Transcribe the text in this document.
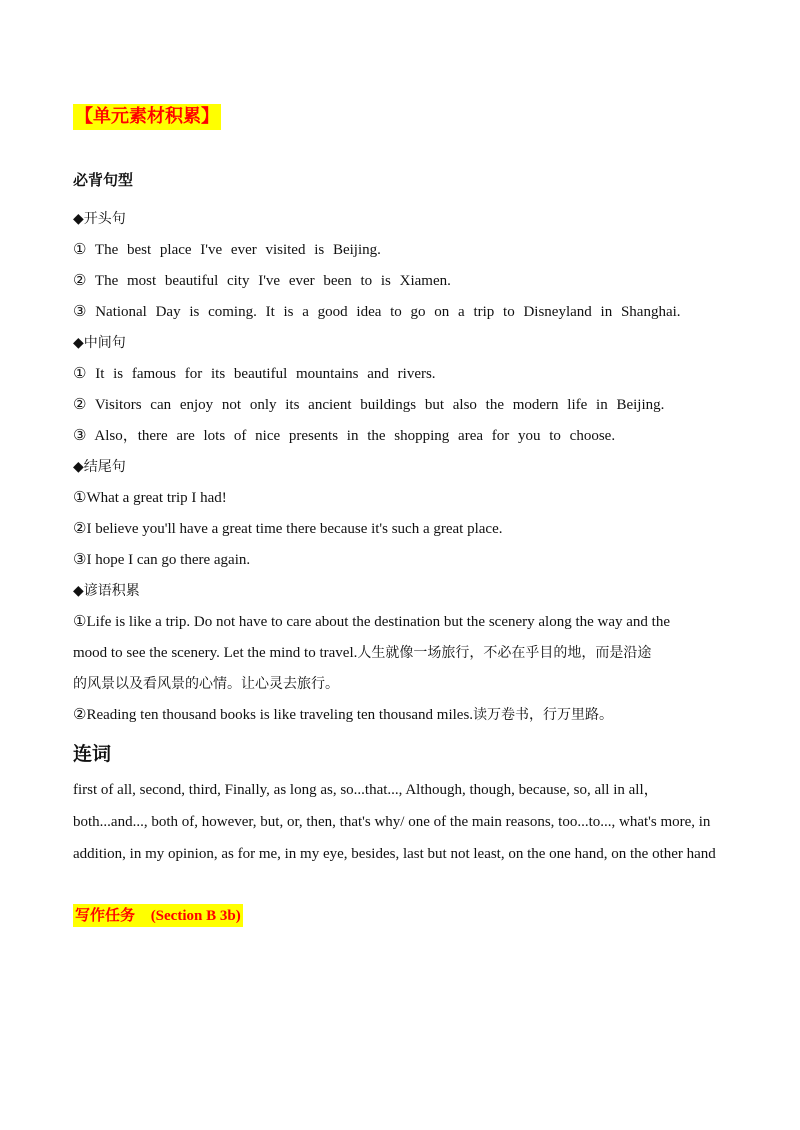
【单元素材积累】
必背句型
◆开头句
① The best place I've ever visited is Beijing.
② The most beautiful city I've ever been to is Xiamen.
③ National Day is coming. It is a good idea to go on a trip to Disneyland in Shanghai.
◆中间句
① It is famous for its beautiful mountains and rivers.
② Visitors can enjoy not only its ancient buildings but also the modern life in Beijing.
③ Also，there are lots of nice presents in the shopping area for you to choose.
◆结尾句
①What a great trip I had!
②I believe you'll have a great time there because it's such a great place.
③I hope I can go there again.
◆谚语积累
①Life is like a trip. Do not have to care about the destination but the scenery along the way and the
mood to see the scenery. Let the mind to travel.人生就像一场旅行，不必在乎目的地，而是沿途
的风景以及看风景的心情。让心灵去旅行。
②Reading ten thousand books is like traveling ten thousand miles.读万卷书，行万里路。
连词
first of all, second, third, Finally, as long as, so...that..., Although, though, because, so, all in all，both...and..., both of, however, but, or, then, that's why/ one of the main reasons, too...to..., what's more, in addition, in my opinion, as for me, in my eye, besides, last but not least, on the one hand, on the other hand
写作任务 (Section B 3b)
